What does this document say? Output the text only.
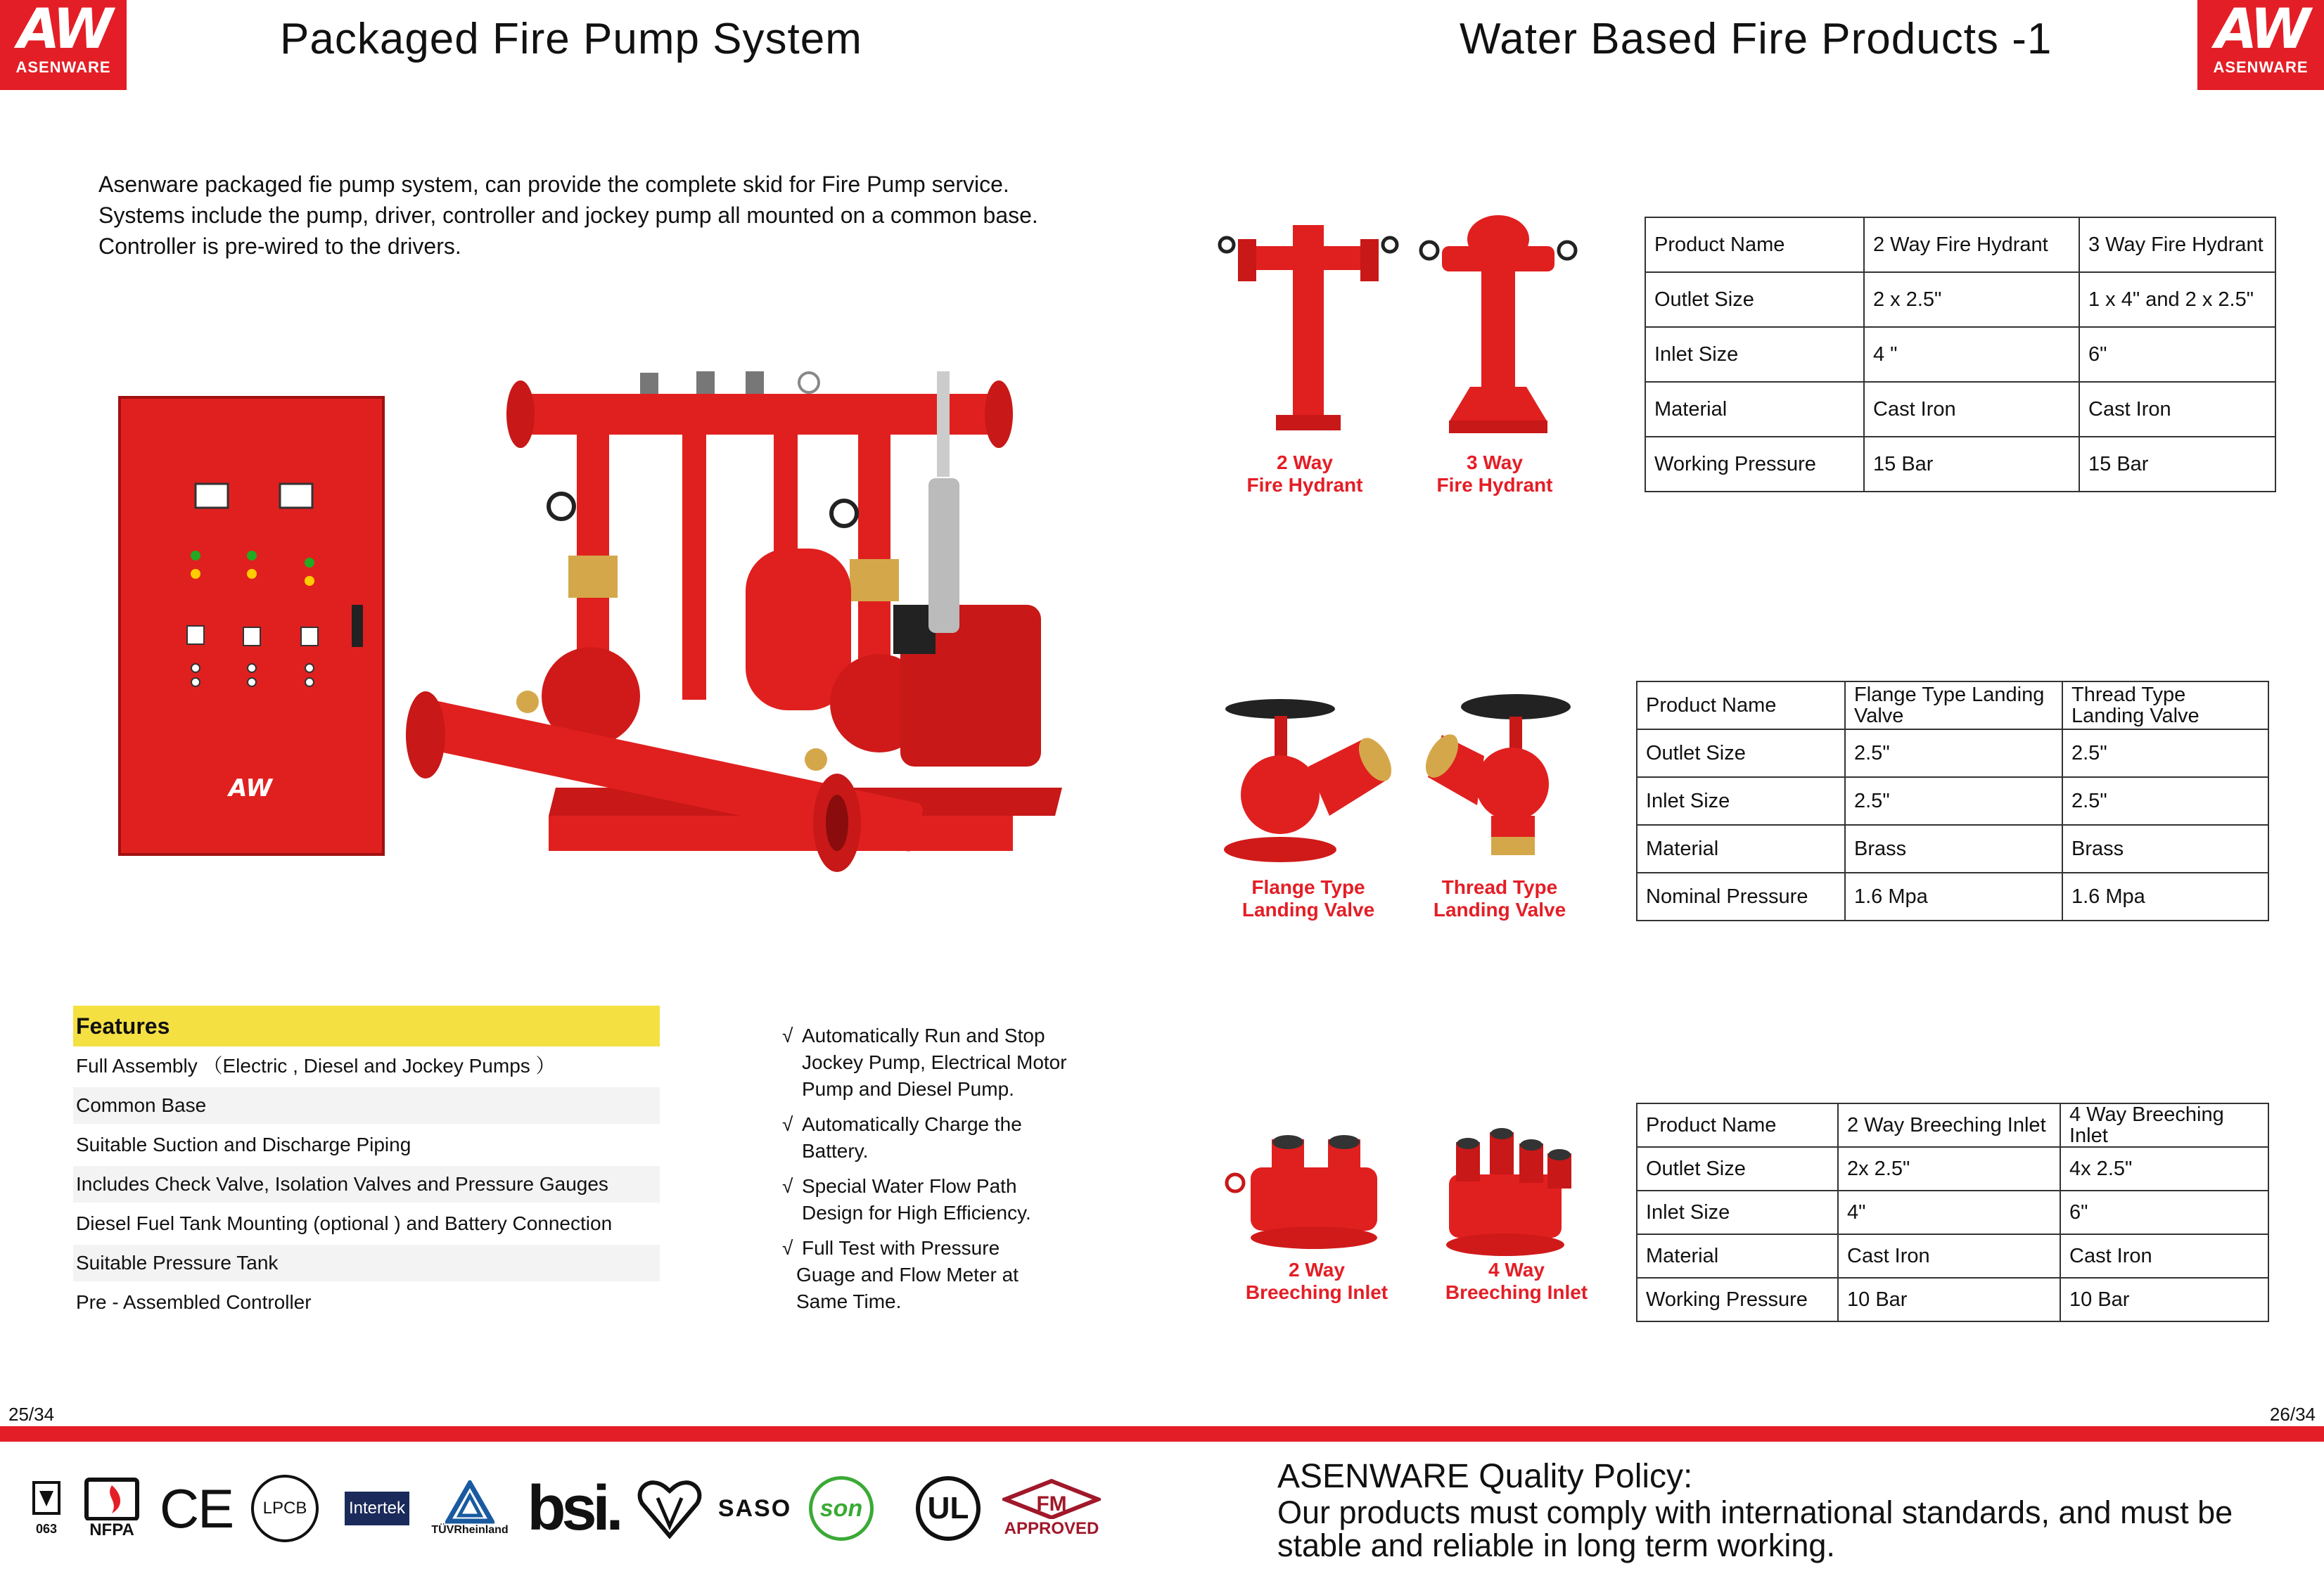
AW
ASENWARE
AW
ASENWARE
Packaged Fire Pump System	Water Based Fire Products -1
Asenware packaged fie pump system, can provide the complete skid for Fire Pump service.
Systems include the pump, driver, controller and jockey pump all mounted on a common base.
Controller is pre-wired to the drivers.
AW
Features
Full Assembly （Electric , Diesel and Jockey Pumps ）
Common Base
Suitable Suction and Discharge Piping
Includes Check Valve, Isolation Valves and Pressure Gauges
Diesel Fuel Tank Mounting (optional ) and Battery Connection
Suitable Pressure Tank
Pre - Assembled Controller
√ Automatically Run and Stop
Jockey Pump, Electrical Motor
Pump and Diesel Pump.
√ Automatically Charge the
Battery.
√ Special Water Flow Path
Design for High Efficiency.
√ Full Test with Pressure
Guage and Flow Meter at
Same Time.
2 Way
Fire Hydrant
3 Way
Fire Hydrant
Product Name	2 Way Fire Hydrant	3 Way Fire Hydrant
Outlet Size	2 x 2.5"	1 x 4" and 2 x 2.5"
Inlet Size	4 "	6"
Material	Cast Iron	Cast Iron
Working Pressure	15 Bar	15 Bar
Flange Type
Landing Valve
Thread Type
Landing Valve
Product Name	Flange Type Landing Valve	Thread Type Landing Valve
Outlet Size	2.5"	2.5"
Inlet Size	2.5"	2.5"
Material	Brass	Brass
Nominal Pressure	1.6 Mpa	1.6 Mpa
2 Way
Breeching Inlet
4 Way
Breeching Inlet
Product Name	2 Way Breeching Inlet	4 Way Breeching Inlet
Outlet Size	2x 2.5"	4x 2.5"
Inlet Size	4"	6"
Material	Cast Iron	Cast Iron
Working Pressure	10 Bar	10 Bar
25/34	26/34
063 NFPA CE	LPCB	Intertek
TÜVRheinland bsi.	SASO	son	UL	FM
APPROVED
ASENWARE Quality Policy:
Our products must comply with international standards, and must be
stable and reliable in long term working.
